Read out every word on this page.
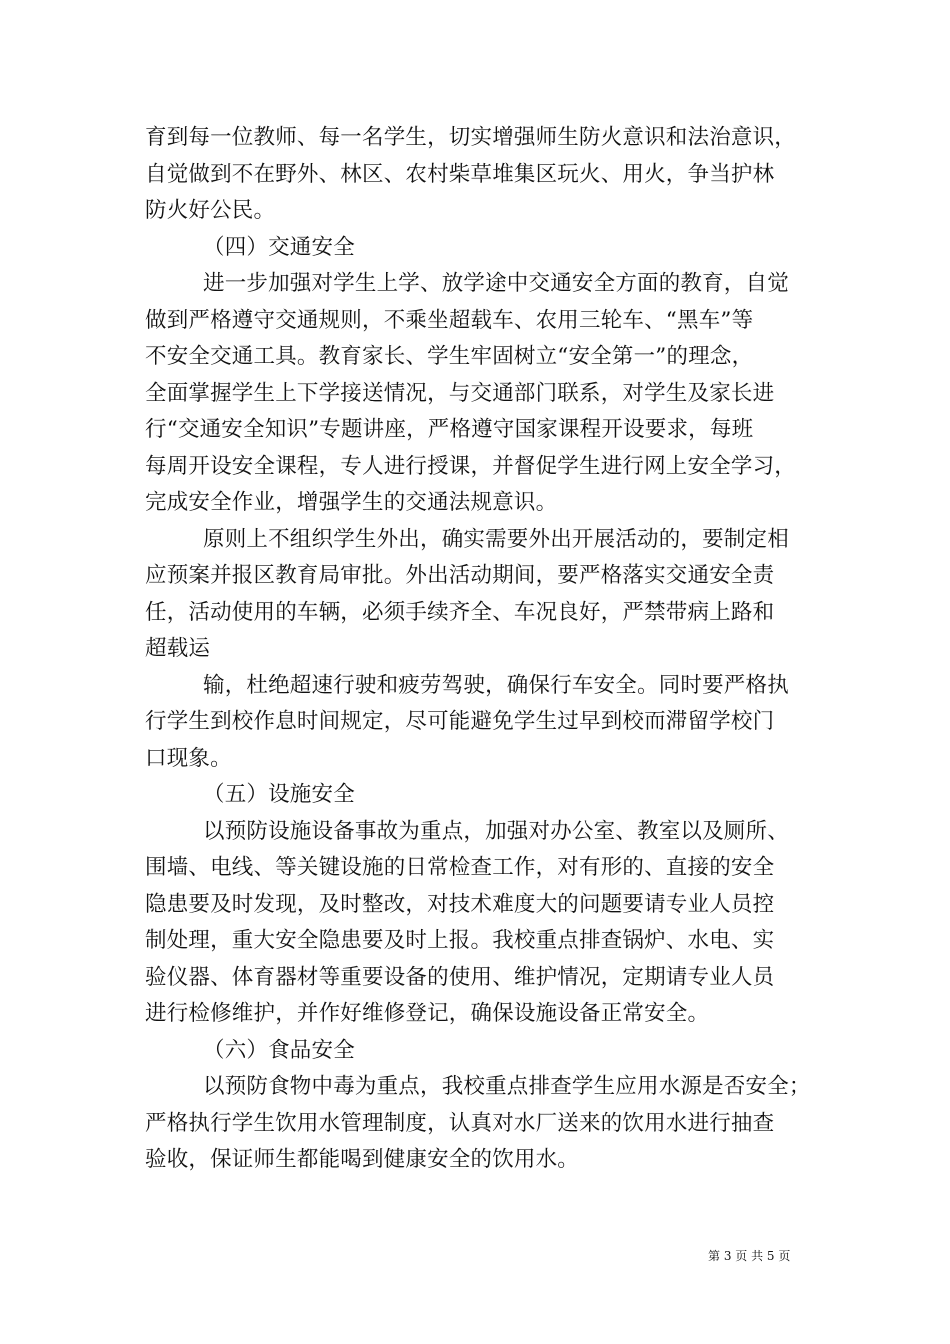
育到每一位教师、每一名学生，切实增强师生防火意识和法治意识，
自觉做到不在野外、林区、农村柴草堆集区玩火、用火，争当护林
防火好公民。
（四）交通安全
进一步加强对学生上学、放学途中交通安全方面的教育，自觉
做到严格遵守交通规则，不乘坐超载车、农用三轮车、“黑车”等
不安全交通工具。教育家长、学生牢固树立“安全第一”的理念，
全面掌握学生上下学接送情况，与交通部门联系，对学生及家长进
行“交通安全知识”专题讲座，严格遵守国家课程开设要求，每班
每周开设安全课程，专人进行授课，并督促学生进行网上安全学习，
完成安全作业，增强学生的交通法规意识。
原则上不组织学生外出，确实需要外出开展活动的，要制定相
应预案并报区教育局审批。外出活动期间，要严格落实交通安全责
任，活动使用的车辆，必须手续齐全、车况良好，严禁带病上路和
超载运
输，杜绝超速行驶和疲劳驾驶，确保行车安全。同时要严格执
行学生到校作息时间规定，尽可能避免学生过早到校而滞留学校门
口现象。
（五）设施安全
以预防设施设备事故为重点，加强对办公室、教室以及厕所、
围墙、电线、等关键设施的日常检查工作，对有形的、直接的安全
隐患要及时发现，及时整改，对技术难度大的问题要请专业人员控
制处理，重大安全隐患要及时上报。我校重点排查锅炉、水电、实
验仪器、体育器材等重要设备的使用、维护情况，定期请专业人员
进行检修维护，并作好维修登记，确保设施设备正常安全。
（六）食品安全
以预防食物中毒为重点，我校重点排查学生应用水源是否安全；
严格执行学生饮用水管理制度，认真对水厂送来的饮用水进行抽查
验收，保证师生都能喝到健康安全的饮用水。
第 3 页 共 5 页
